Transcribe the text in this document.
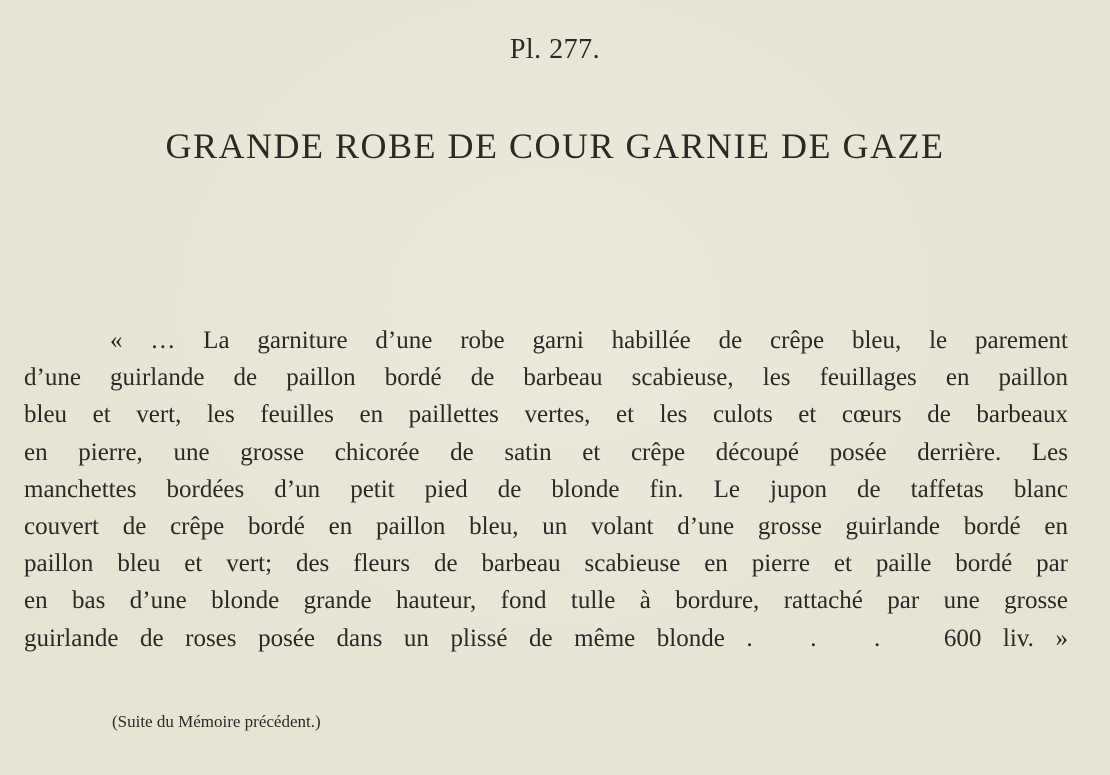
Pl. 277.
GRANDE ROBE DE COUR GARNIE DE GAZE
« … La garniture d’une robe garni habillée de crêpe bleu, le parement
d’une guirlande de paillon bordé de barbeau scabieuse, les feuillages en paillon
bleu et vert, les feuilles en paillettes vertes, et les culots et cœurs de barbeaux
en pierre, une grosse chicorée de satin et crêpe découpé posée derrière. Les
manchettes bordées d’un petit pied de blonde fin. Le jupon de taffetas blanc
couvert de crêpe bordé en paillon bleu, un volant d’une grosse guirlande bordé en
paillon bleu et vert; des fleurs de barbeau scabieuse en pierre et paille bordé par
en bas d’une blonde grande hauteur, fond tulle à bordure, rattaché par une grosse
guirlande de roses posée dans un plissé de même blonde . . . 600 liv. »
(Suite du Mémoire précédent.)
